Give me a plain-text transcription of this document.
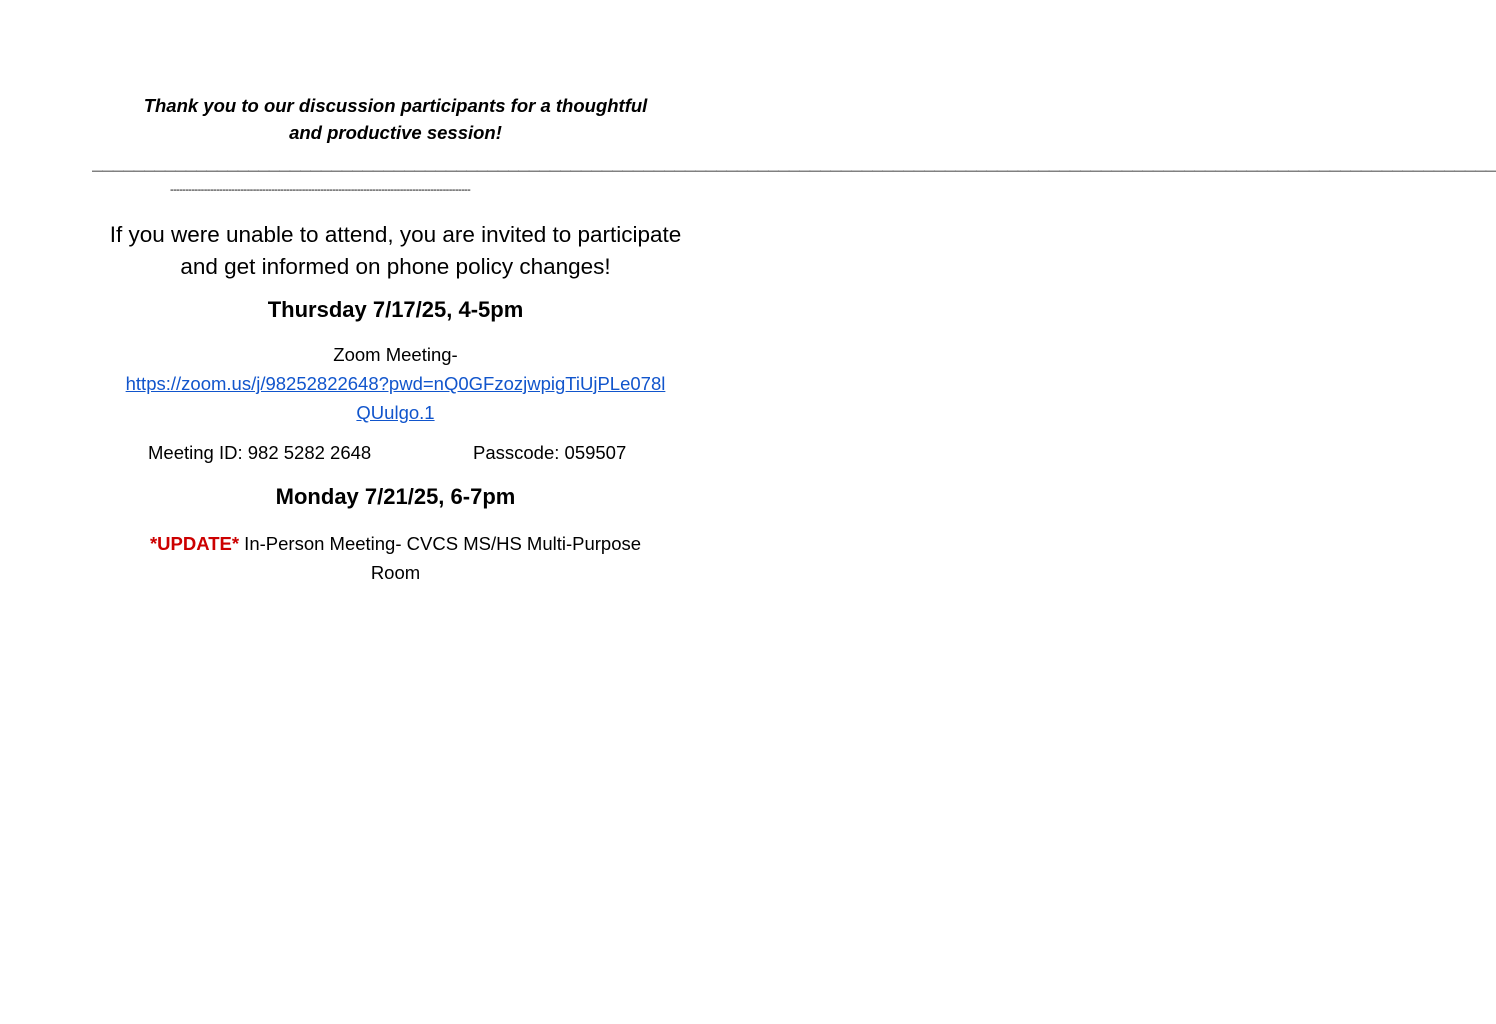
Thank you to our discussion participants for a thoughtful
and productive session!
———————————————————————————————————————————————————————————————————————————————————————————————————————————————————————————————————————
--------------------------------------------------------------------------------------------------
If you were unable to attend, you are invited to participate
and get informed on phone policy changes!
Thursday 7/17/25, 4-5pm
Zoom Meeting-
https://zoom.us/j/98252822648?pwd=nQ0GFzozjwpigTiUjPLe078l
QUulgo.1
Meeting ID: 982 5282 2648	Passcode: 059507
Monday 7/21/25, 6-7pm
*UPDATE* In-Person Meeting- CVCS MS/HS Multi-Purpose
Room
